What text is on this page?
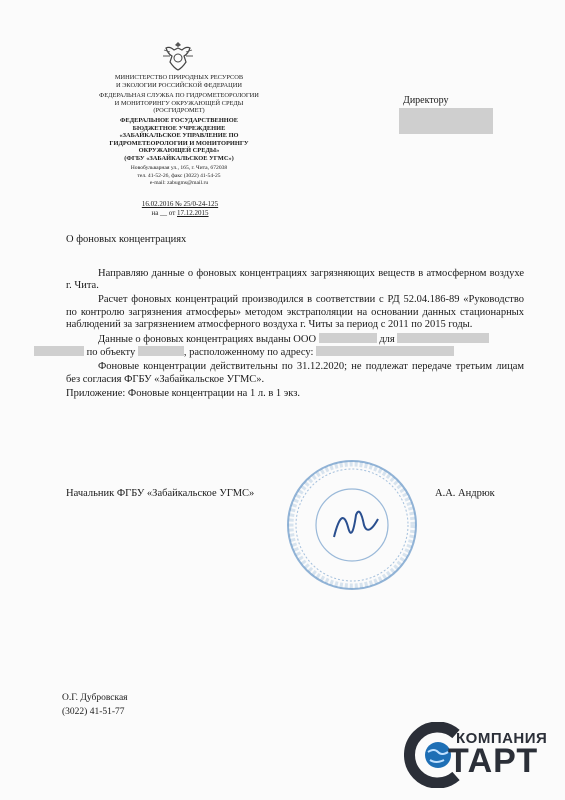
МИНИСТЕРСТВО ПРИРОДНЫХ РЕСУРСОВ
И ЭКОЛОГИИ РОССИЙСКОЙ ФЕДЕРАЦИИ
ФЕДЕРАЛЬНАЯ СЛУЖБА ПО ГИДРОМЕТЕОРОЛОГИИ
И МОНИТОРИНГУ ОКРУЖАЮЩЕЙ СРЕДЫ
(РОСГИДРОМЕТ)
ФЕДЕРАЛЬНОЕ ГОСУДАРСТВЕННОЕ
БЮДЖЕТНОЕ УЧРЕЖДЕНИЕ
«ЗАБАЙКАЛЬСКОЕ УПРАВЛЕНИЕ ПО
ГИДРОМЕТЕОРОЛОГИИ И МОНИТОРИНГУ
ОКРУЖАЮЩЕЙ СРЕДЫ»
(ФГБУ «ЗАБАЙКАЛЬСКОЕ УГМС»)
Новобульварная ул., 165, г. Чита, 672038
тел. 41-52-26, факс (3022) 41-54-25
e-mail: zabugms@mail.ru
16.02.2016 № 25/0-24-125
на __ от 17.12.2015
Директору
О фоновых концентрациях

Направляю данные о фоновых концентрациях загрязняющих веществ в атмосферном воздухе г. Чита.

Расчет фоновых концентраций производился в соответствии с РД 52.04.186-89 «Руководство по контролю загрязнения атмосферы» методом экстраполяции на основании данных стационарных наблюдений за загрязнением атмосферного воздуха г. Читы за период с 2011 по 2015 годы.

Данные о фоновых концентрациях выданы ООО	для
по объекту	, расположенному по адресу:

Фоновые концентрации действительны по 31.12.2020; не подлежат передаче третьим лицам без согласия ФГБУ «Забайкальское УГМС».

Приложение: Фоновые концентрации на 1 л. в 1 экз.

Начальник ФГБУ «Забайкальское УГМС»	А.А. Андрюк
О.Г. Дубровская
(3022) 41-51-77
КОМПАНИЯ
ТАРТ
